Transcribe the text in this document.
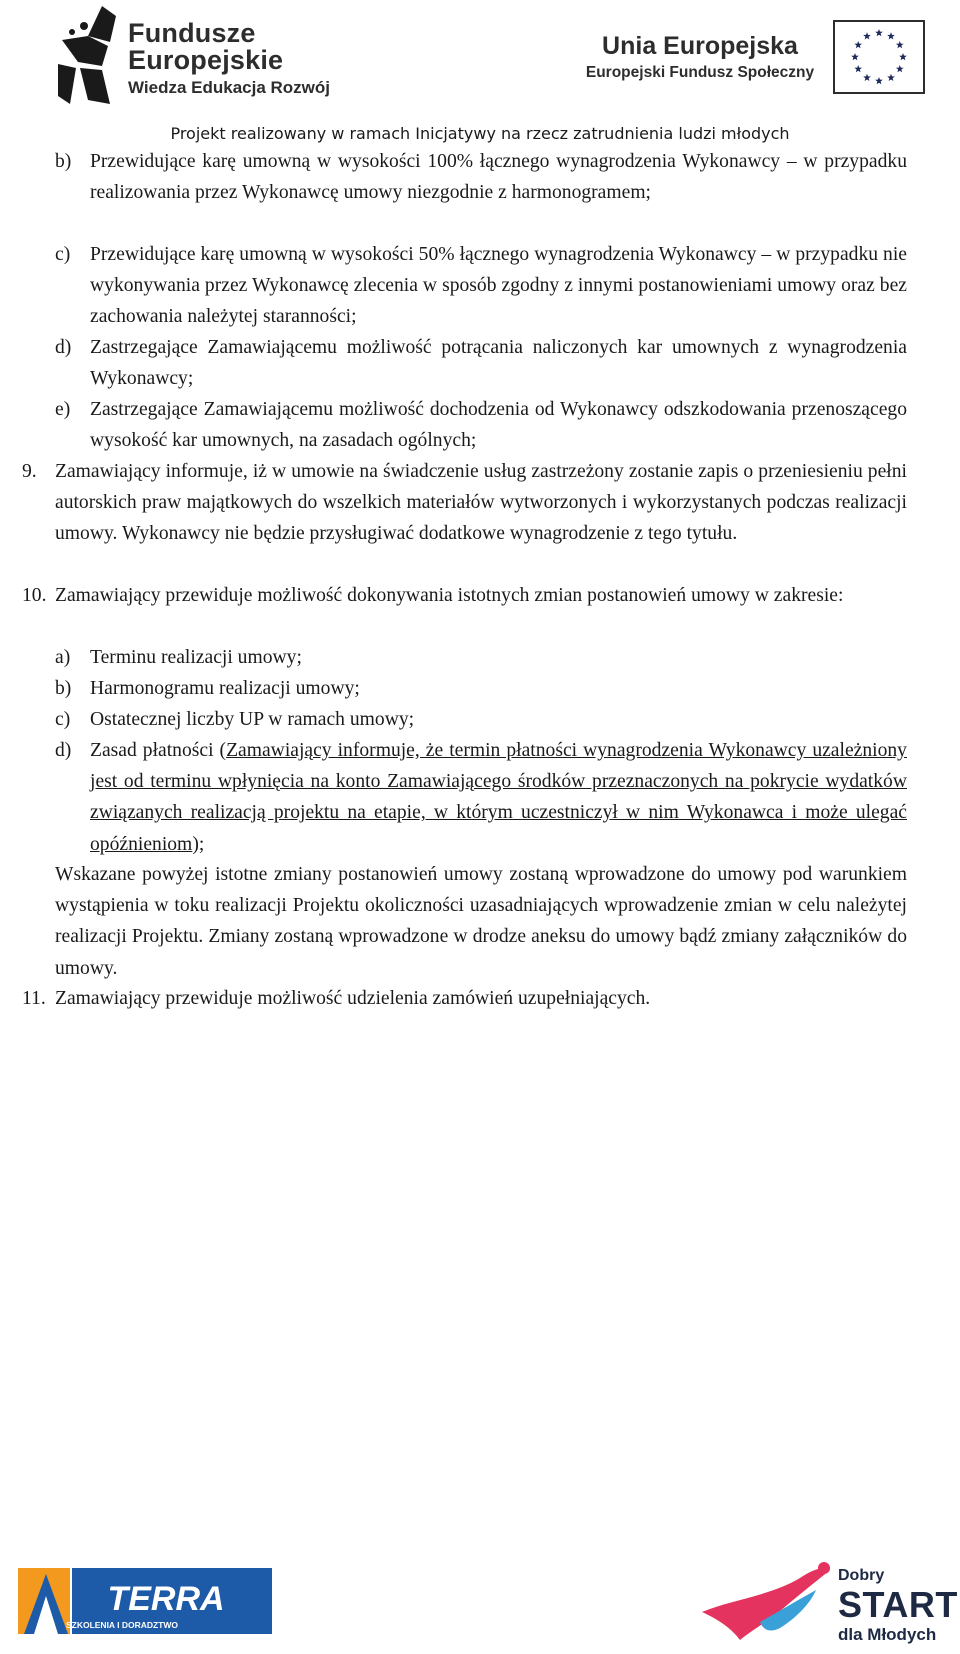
Fundusze
Europejskie
Wiedza Edukacja Rozwój
Unia Europejska
Europejski Fundusz Społeczny
Projekt realizowany w ramach Inicjatywy na rzecz zatrudnienia ludzi młodych
b) Przewidujące karę umowną w wysokości 100% łącznego wynagrodzenia Wykonawcy – w przypadku realizowania przez Wykonawcę umowy niezgodnie z harmonogramem;
c) Przewidujące karę umowną w wysokości 50% łącznego wynagrodzenia Wykonawcy – w przypadku nie wykonywania przez Wykonawcę zlecenia w sposób zgodny z innymi postanowieniami umowy oraz bez zachowania należytej staranności;
d) Zastrzegające Zamawiającemu możliwość potrącania naliczonych kar umownych z wynagrodzenia Wykonawcy;
e) Zastrzegające Zamawiającemu możliwość dochodzenia od Wykonawcy odszkodowania przenoszącego wysokość kar umownych, na zasadach ogólnych;
9. Zamawiający informuje, iż w umowie na świadczenie usług zastrzeżony zostanie zapis o przeniesieniu pełni autorskich praw majątkowych do wszelkich materiałów wytworzonych i wykorzystanych podczas realizacji umowy. Wykonawcy nie będzie przysługiwać dodatkowe wynagrodzenie z tego tytułu.
10. Zamawiający przewiduje możliwość dokonywania istotnych zmian postanowień umowy w zakresie:
a) Terminu realizacji umowy;
b) Harmonogramu realizacji umowy;
c) Ostatecznej liczby UP w ramach umowy;
d) Zasad płatności (Zamawiający informuje, że termin płatności wynagrodzenia Wykonawcy uzależniony jest od terminu wpłynięcia na konto Zamawiającego środków przeznaczonych na pokrycie wydatków związanych realizacją projektu na etapie, w którym uczestniczył w nim Wykonawca i może ulegać opóźnieniom);
Wskazane powyżej istotne zmiany postanowień umowy zostaną wprowadzone do umowy pod warunkiem wystąpienia w toku realizacji Projektu okoliczności uzasadniających wprowadzenie zmian w celu należytej realizacji Projektu. Zmiany zostaną wprowadzone w drodze aneksu do umowy bądź zmiany załączników do umowy.
11. Zamawiający przewiduje możliwość udzielenia zamówień uzupełniających.
TERRA
SZKOLENIA I DORADZTWO
Dobry
START
dla Młodych
